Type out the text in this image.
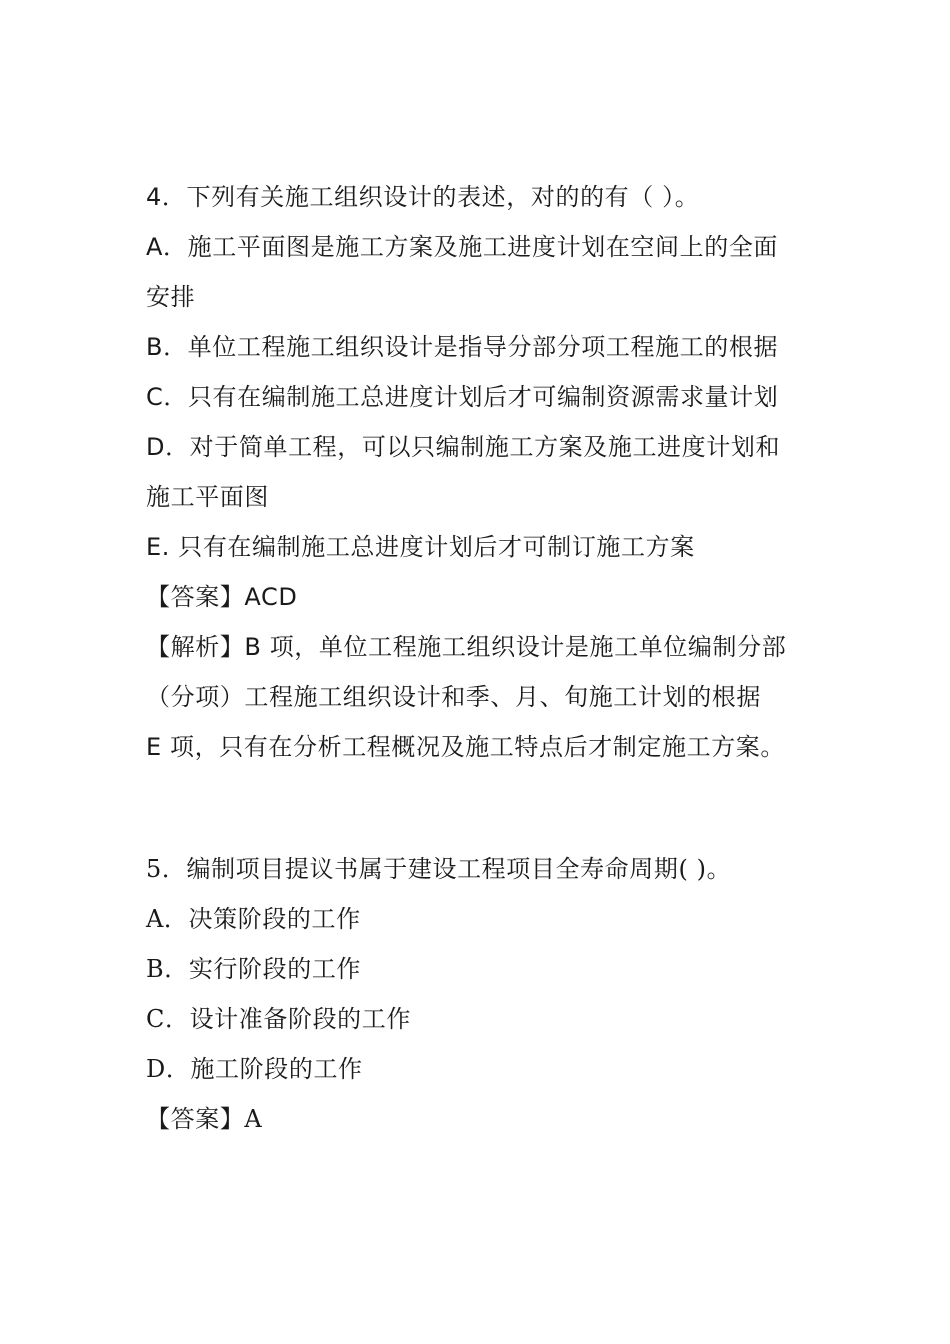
4．下列有关施工组织设计的表述，对的的有（ ）。
A．施工平面图是施工方案及施工进度计划在空间上的全面
安排
B．单位工程施工组织设计是指导分部分项工程施工的根据
C．只有在编制施工总进度计划后才可编制资源需求量计划
D．对于简单工程，可以只编制施工方案及施工进度计划和
施工平面图
E. 只有在编制施工总进度计划后才可制订施工方案
【答案】ACD
【解析】B 项，单位工程施工组织设计是施工单位编制分部
（分项）工程施工组织设计和季、月、旬施工计划的根据
E 项，只有在分析工程概况及施工特点后才制定施工方案。
5．编制项目提议书属于建设工程项目全寿命周期( )。
A．决策阶段的工作
B．实行阶段的工作
C．设计准备阶段的工作
D．施工阶段的工作
【答案】A
